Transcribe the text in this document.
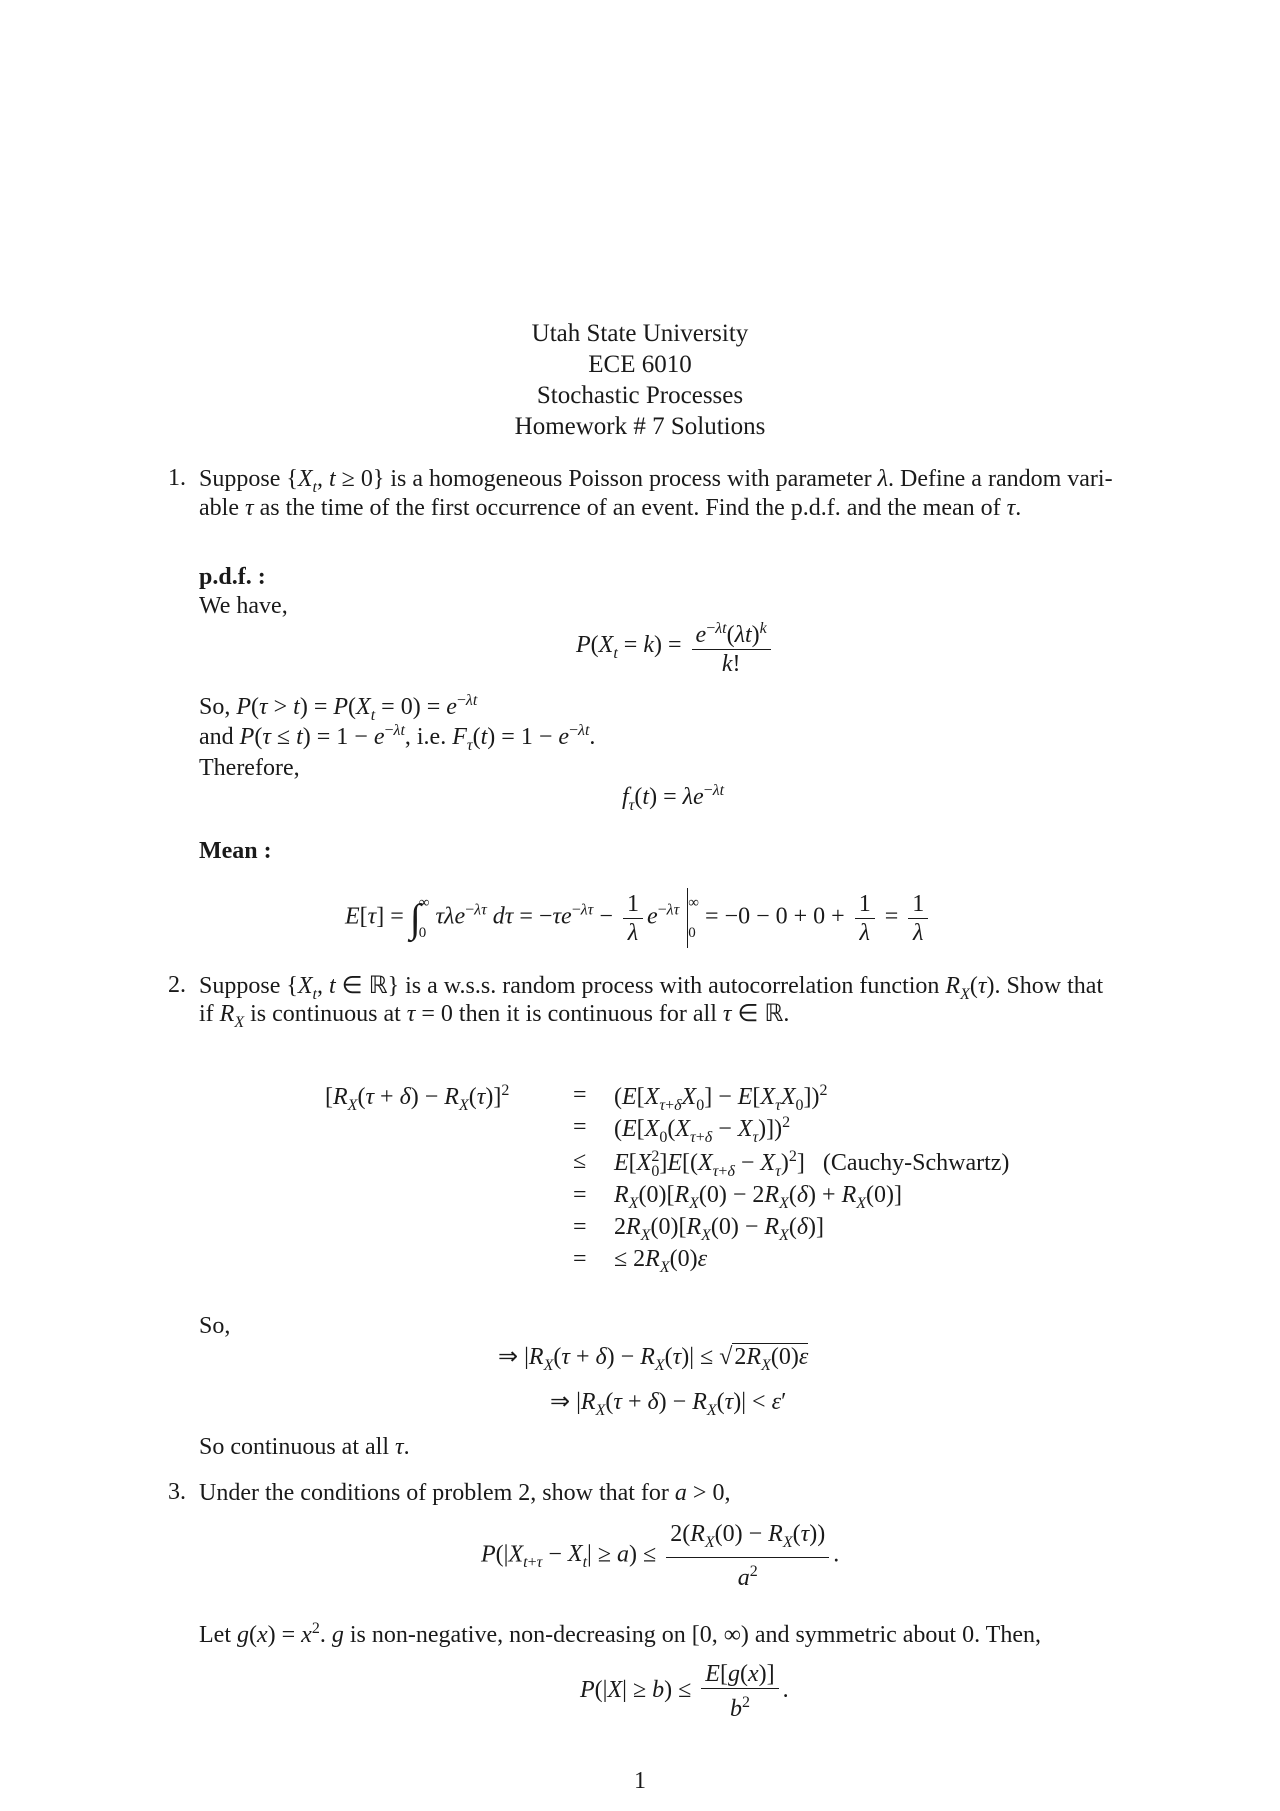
Utah State University
ECE 6010
Stochastic Processes
Homework # 7 Solutions
1. Suppose {$X_t$, t ≥ 0} is a homogeneous Poisson process with parameter λ. Define a random vari-
able τ as the time of the first occurrence of an event. Find the p.d.f. and the mean of τ.
p.d.f. :
We have,
$P(X_t = k) = \frac{e^{-\lambda t}(\lambda t)^k}{k!}$
So, $P(\tau > t) = P(X_t = 0) = e^{-\lambda t}$
and $P(\tau \le t) = 1 - e^{-\lambda t}$, i.e. $F_\tau(t) = 1 - e^{-\lambda t}$.
Therefore,
$f_\tau(t) = \lambda e^{-\lambda t}$
Mean :
E[τ] = ∫
∞
0
τλe$^{-\lambda\tau}$ $d\tau = -\tau e^{-\lambda\tau} - \frac{1}{\lambda} e^{-\lambda\tau}$ ∞
0
= $-0 - 0 + 0 + \frac{1}{\lambda} = \frac{1}{\lambda}$
2. Suppose {$X_t$, t ∈ ℝ} is a w.s.s. random process with autocorrelation function $R_X(\tau)$. Show that
if $R_X$ is continuous at τ = 0 then it is continuous for all τ ∈ ℝ.
$[R_X(\tau + \delta) - R_X(\tau)]^2$	= $(E[X_{\tau+\delta}X_0] - E[X_\tau X_0])^2$
= $(E[X_0(X_{\tau+\delta} - X_\tau)])^2$
≤ $E[X_0^2]E[(X_{\tau+\delta} - X_\tau)^2]$   (Cauchy-Schwartz)
= $R_X(0)[R_X(0) - 2R_X(\delta) + R_X(0)]$
= $2R_X(0)[R_X(0) - R_X(\delta)]$
= ≤ $2R_X(0)\varepsilon$
So,
⇒ $|R_X(\tau + \delta) - R_X(\tau)| \le √2R_X(0)\varepsilon$
⇒ $|R_X(\tau + \delta) - R_X(\tau)| < \varepsilon'$
So continuous at all τ.
3. Under the conditions of problem 2, show that for a > 0,
$P(|X_{t+\tau} - X_t| \ge a) \le \frac{2(R_X(0) - R_X(\tau))}{a^2}$ .
Let $g(x) = x^2$. g is non-negative, non-decreasing on [0, ∞) and symmetric about 0. Then,
$P(|X| \ge b) \le \frac{E[g(x)]}{b^2}$ .
1
